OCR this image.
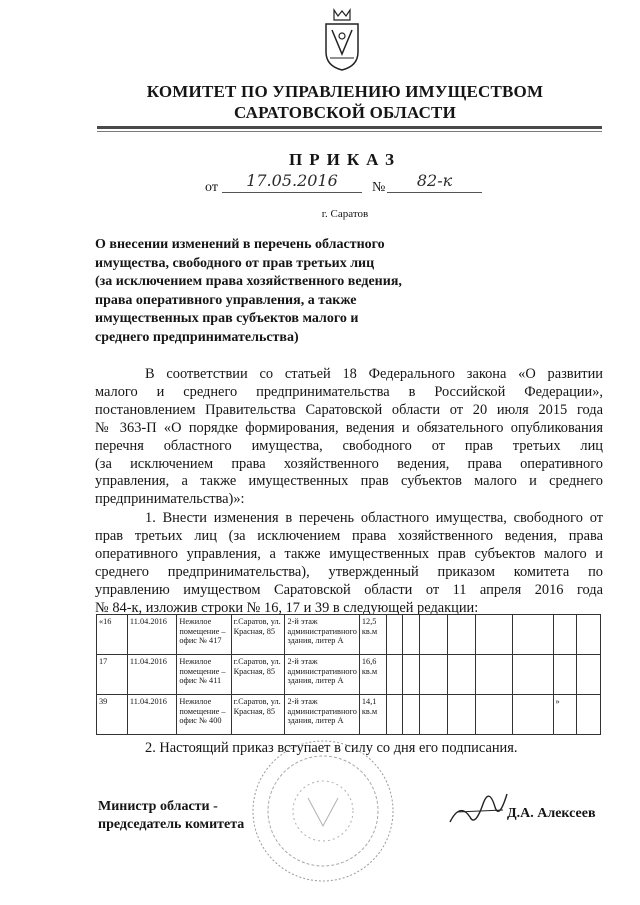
КОМИТЕТ ПО УПРАВЛЕНИЮ ИМУЩЕСТВОМ
САРАТОВСКОЙ ОБЛАСТИ
ПРИКАЗ
от	17.05.2016	№	82-к
г. Саратов
О внесении изменений в перечень областного
имущества, свободного от прав третьих лиц
(за исключением права хозяйственного ведения,
права оперативного управления, а также
имущественных прав субъектов малого и
среднего предпринимательства)
В соответствии со статьей 18 Федерального закона «О развитии
малого и среднего предпринимательства в Российской Федерации»,
постановлением Правительства Саратовской области от 20 июля 2015 года
№ 363-П «О порядке формирования, ведения и обязательного опубликования
перечня областного имущества, свободного от прав третьих лиц
(за исключением права хозяйственного ведения, права оперативного
управления, а также имущественных прав субъектов малого и среднего
предпринимательства)»:
1. Внести изменения в перечень областного имущества, свободного от
прав третьих лиц (за исключением права хозяйственного ведения, права
оперативного управления, а также имущественных прав субъектов малого и
среднего предпринимательства), утвержденный приказом комитета по
управлению имуществом Саратовской области от 11 апреля 2016 года
№ 84-к, изложив строки № 16, 17 и 39 в следующей редакции:
«16	11.04.2016	Нежилое помещение – офис № 417	г.Саратов, ул. Красная, 85	2-й этаж административного здания, литер А	12,5 кв.м								
17	11.04.2016	Нежилое помещение – офис № 411	г.Саратов, ул. Красная, 85	2-й этаж административного здания, литер А	16,6 кв.м								
39	11.04.2016	Нежилое помещение – офис № 400	г.Саратов, ул. Красная, 85	2-й этаж административного здания, литер А	14,1 кв.м							»	
2. Настоящий приказ вступает в силу со дня его подписания.
Министр области -
председатель комитета
Д.А. Алексеев
